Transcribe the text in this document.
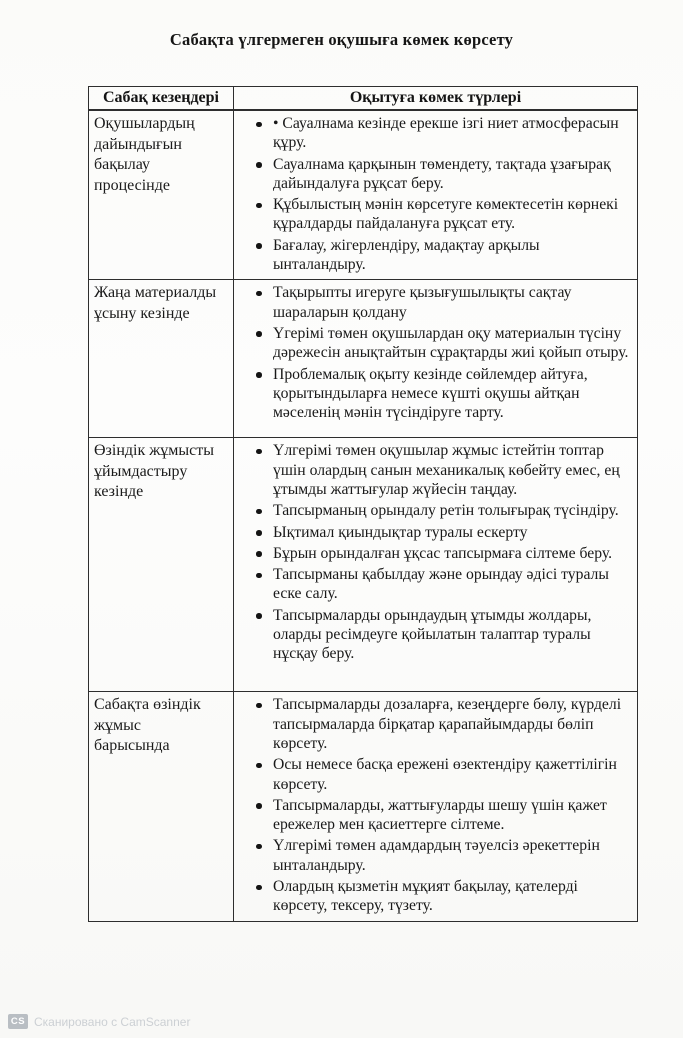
Сабақта үлгермеген оқушыға көмек көрсету
Сабақ кезеңдері	Оқытуға көмек түрлері
Оқушылардың дайындығын бақылау процесінде	
• Сауалнама кезінде ерекше ізгі ниет атмосферасын құру.
Сауалнама қарқынын төмендету, тақтада ұзағырақ дайындалуға рұқсат беру.
Құбылыстың мәнін көрсетуге көмектесетін көрнекі құралдарды пайдалануға рұқсат ету.
Бағалау, жігерлендіру, мадақтау арқылы ынталандыру.

Жаңа материалды ұсыну кезінде	
Тақырыпты игеруге қызығушылықты сақтау шараларын қолдану
Үгерімі төмен оқушылардан оқу материалын түсіну дәрежесін анықтайтын сұрақтарды жиі қойып отыру.
Проблемалық оқыту кезінде сөйлемдер айтуға, қорытындыларға немесе күшті оқушы айтқан мәселенің мәнін түсіндіруге тарту.

Өзіндік жұмысты ұйымдастыру кезінде	
Үлгерімі төмен оқушылар жұмыс істейтін топтар үшін олардың санын механикалық көбейту емес, ең ұтымды жаттығулар жүйесін таңдау.
Тапсырманың орындалу ретін толығырақ түсіндіру.
Ықтимал қиындықтар туралы ескерту
Бұрын орындалған ұқсас тапсырмаға сілтеме беру.
Тапсырманы қабылдау және орындау әдісі туралы еске салу.
Тапсырмаларды орындаудың ұтымды жолдары, оларды ресімдеуге қойылатын талаптар туралы нұсқау беру.

Сабақта өзіндік жұмыс барысында	
Тапсырмаларды дозаларға, кезеңдерге бөлу, күрделі тапсырмаларда бірқатар қарапайымдарды бөліп көрсету.
Осы немесе басқа ережені өзектендіру қажеттілігін көрсету.
Тапсырмаларды, жаттығуларды шешу үшін қажет ережелер мен қасиеттерге сілтеме.
Үлгерімі төмен адамдардың тәуелсіз әрекеттерін ынталандыру.
Олардың қызметін мұқият бақылау, қателерді көрсету, тексеру, түзету.
CS Сканировано с CamScanner
